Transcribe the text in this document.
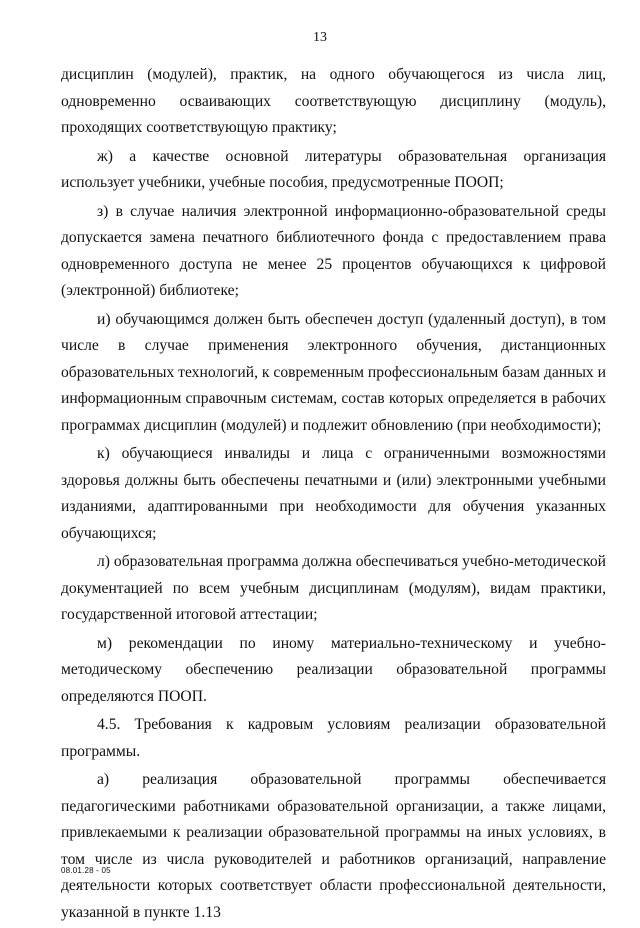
13

дисциплин (модулей), практик, на одного обучающегося из числа лиц, одновременно осваивающих соответствующую дисциплину (модуль), проходящих соответствующую практику;

ж) а качестве основной литературы образовательная организация использует учебники, учебные пособия, предусмотренные ПООП;

з) в случае наличия электронной информационно-образовательной среды допускается замена печатного библиотечного фонда с предоставлением права одновременного доступа не менее 25 процентов обучающихся к цифровой (электронной) библиотеке;

и) обучающимся должен быть обеспечен доступ (удаленный доступ), в том числе в случае применения электронного обучения, дистанционных образовательных технологий, к современным профессиональным базам данных и информационным справочным системам, состав которых определяется в рабочих программах дисциплин (модулей) и подлежит обновлению (при необходимости);

к) обучающиеся инвалиды и лица с ограниченными возможностями здоровья должны быть обеспечены печатными и (или) электронными учебными изданиями, адаптированными при необходимости для обучения указанных обучающихся;

л) образовательная программа должна обеспечиваться учебно-методической документацией по всем учебным дисциплинам (модулям), видам практики, государственной итоговой аттестации;

м) рекомендации по иному материально-техническому и учебно-методическому обеспечению реализации образовательной программы определяются ПООП.

4.5. Требования к кадровым условиям реализации образовательной программы.

а) реализация образовательной программы обеспечивается педагогическими работниками образовательной организации, а также лицами, привлекаемыми к реализации образовательной программы на иных условиях, в том числе из числа руководителей и работников организаций, направление деятельности которых соответствует области профессиональной деятельности, указанной в пункте 1.13

08.01.28 - 05
